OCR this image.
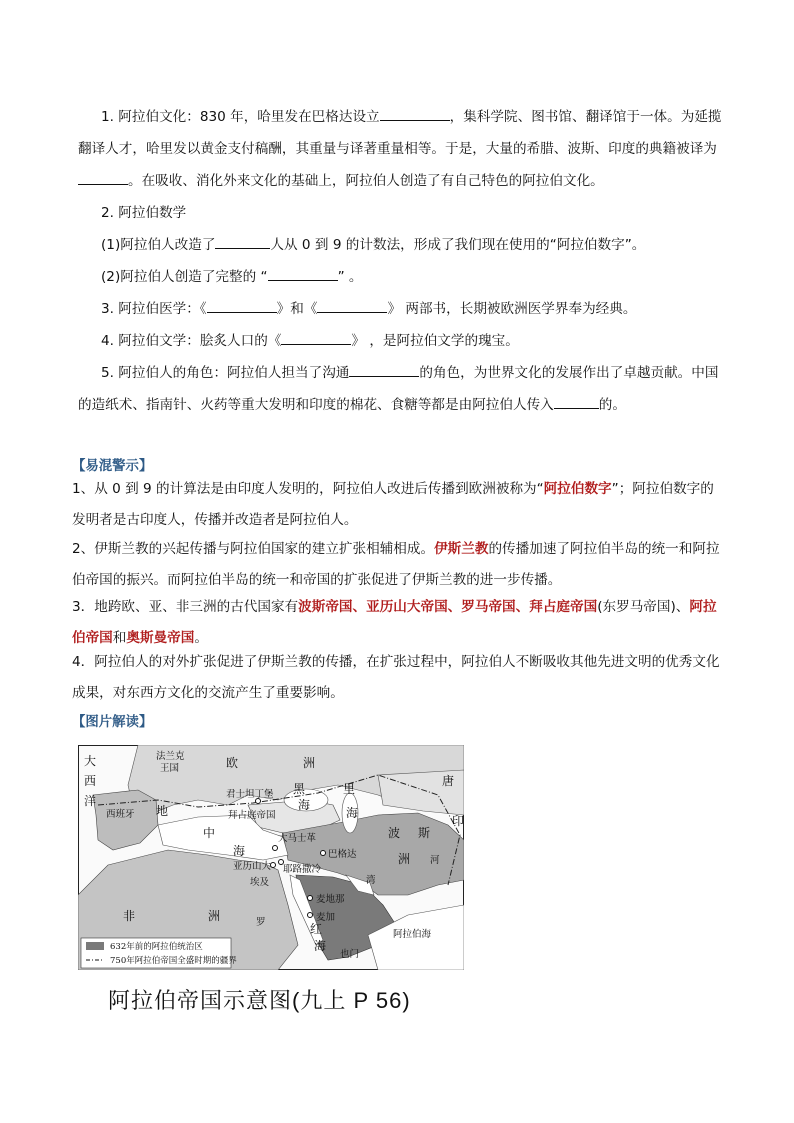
1. 阿拉伯文化：830 年，哈里发在巴格达设立	，集科学院、图书馆、翻译馆于一体。为延揽翻译人才，哈里发以黄金支付稿酬，其重量与译著重量相等。于是，大量的希腊、波斯、印度的典籍被译为。在吸收、消化外来文化的基础上，阿拉伯人创造了有自己特色的阿拉伯文化。

2. 阿拉伯数学

(1)阿拉伯人改造了	人从 0 到 9 的计数法，形成了我们现在使用的“阿拉伯数字”。

(2)阿拉伯人创造了完整的 “	” 。

3. 阿拉伯医学：《	》和《	》 两部书，长期被欧洲医学界奉为经典。

4. 阿拉伯文学：脍炙人口的《	》 ，是阿拉伯文学的瑰宝。

5. 阿拉伯人的角色：阿拉伯人担当了沟通	的角色，为世界文化的发展作出了卓越贡献。中国的造纸术、指南针、火药等重大发明和印度的棉花、食糖等都是由阿拉伯人传入	的。

【易混警示】

1、从 0 到 9 的计算法是由印度人发明的，阿拉伯人改进后传播到欧洲被称为“阿拉伯数字”；阿拉伯数字的发明者是古印度人，传播并改造者是阿拉伯人。

2、伊斯兰教的兴起传播与阿拉伯国家的建立扩张相辅相成。伊斯兰教的传播加速了阿拉伯半岛的统一和阿拉伯帝国的振兴。而阿拉伯半岛的统一和帝国的扩张促进了伊斯兰教的进一步传播。

3．地跨欧、亚、非三洲的古代国家有波斯帝国、亚历山大帝国、罗马帝国、拜占庭帝国(东罗马帝国)、阿拉伯帝国和奥斯曼帝国。

4．阿拉伯人的对外扩张促进了伊斯兰教的传播，在扩张过程中，阿拉伯人不断吸收其他先进文明的优秀文化成果，对东西方文化的交流产生了重要影响。

【图片解读】
大
西
洋
欧	洲
唐
印
黑
海
里
海
地
中
海
波 斯
洲
非	洲
红
海
法兰克
王国
西班牙
君士坦丁堡
拜占庭帝国
大马士革
亚历山大 耶路撒冷
巴格达
埃及
麦地那
麦加
罗
也门
阿拉伯海
湾
河
632年前的阿拉伯统治区
750年阿拉伯帝国全盛时期的疆界
阿拉伯帝国示意图(九上 P 56)
